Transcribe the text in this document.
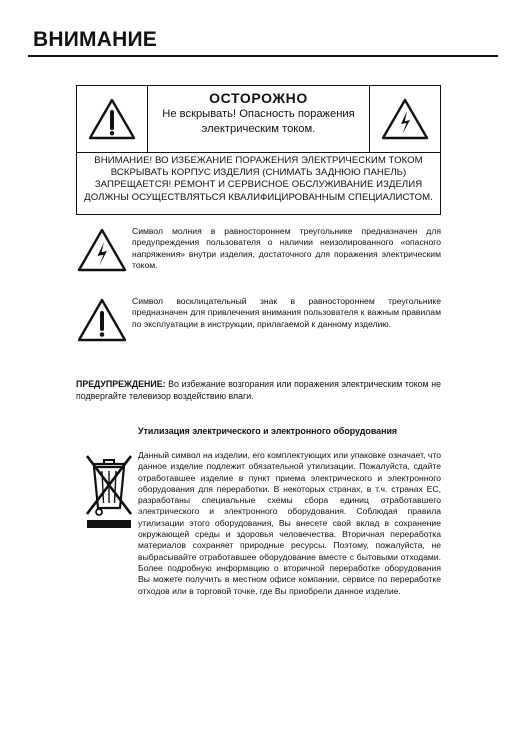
ВНИМАНИЕ
ОСТОРОЖНО
Не вскрывать! Опасность поражения электрическим током.
ВНИМАНИЕ! ВО ИЗБЕЖАНИЕ ПОРАЖЕНИЯ ЭЛЕКТРИЧЕСКИМ ТОКОМ ВСКРЫВАТЬ КОРПУС ИЗДЕЛИЯ (СНИМАТЬ ЗАДНЮЮ ПАНЕЛЬ) ЗАПРЕЩАЕТСЯ! РЕМОНТ И СЕРВИСНОЕ ОБСЛУЖИВАНИЕ ИЗДЕЛИЯ ДОЛЖНЫ ОСУЩЕСТВЛЯТЬСЯ КВАЛИФИЦИРОВАННЫМ СПЕЦИАЛИСТОМ.
Символ молния в равностороннем треугольнике предназначен для предупреждения пользователя о наличии неизолированного «опасного напряжения» внутри изделия, достаточного для поражения электрическим током.
Символ восклицательный знак в равностороннем треугольнике предназначен для привлечения внимания пользователя к важным правилам по эксплуатации в инструкции, прилагаемой к данному изделию.
ПРЕДУПРЕЖДЕНИЕ: Во избежание возгорания или поражения электрическим током не подвергайте телевизор воздействию влаги.
Утилизация электрического и электронного оборудования
Данный символ на изделии, его комплектующих или упаковке означает, что данное изделие подлежит обязательной утилизации. Пожалуйста, сдайте отработавшее изделие в пункт приема электрического и электронного оборудования для переработки. В некоторых странах, в т.ч. странах ЕС, разработаны специальные схемы сбора единиц отработавшего электрического и электронного оборудования. Соблюдая правила утилизации этого оборудования, Вы внесете свой вклад в сохранение окружающей среды и здоровья человечества. Вторичная переработка материалов сохраняет природные ресурсы. Поэтому, пожалуйста, не выбрасывайте отработавшее оборудование вместе с бытовыми отходами. Более подробную информацию о вторичной переработке оборудования Вы можете получить в местном офисе компании, сервисе по переработке отходов или в торговой точке, где Вы приобрели данное изделие.
